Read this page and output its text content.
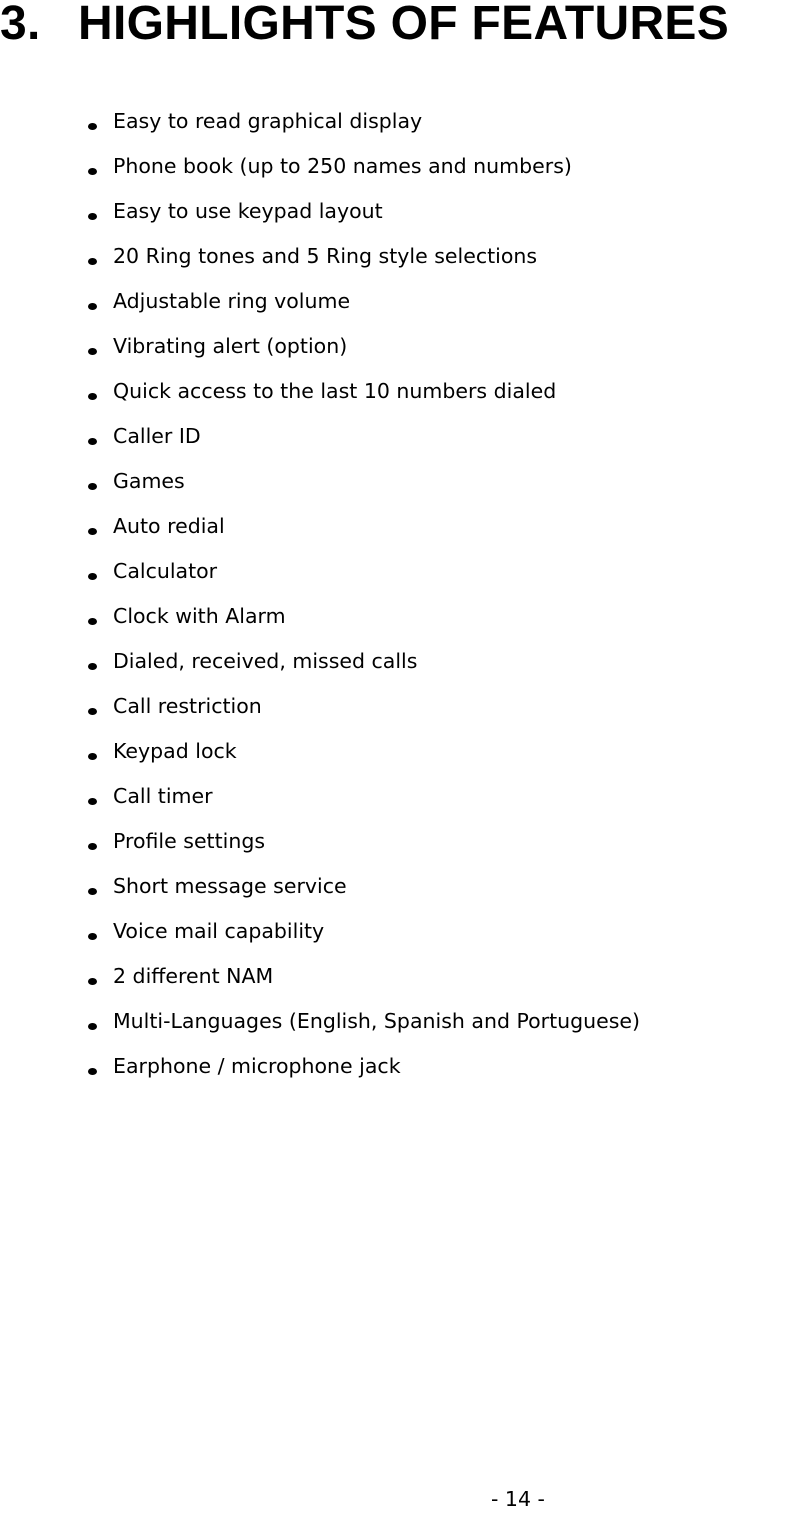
3. HIGHLIGHTS OF FEATURES
Easy to read graphical display
Phone book (up to 250 names and numbers)
Easy to use keypad layout
20 Ring tones and 5 Ring style selections
Adjustable ring volume
Vibrating alert (option)
Quick access to the last 10 numbers dialed
Caller ID
Games
Auto redial
Calculator
Clock with Alarm
Dialed, received, missed calls
Call restriction
Keypad lock
Call timer
Profile settings
Short message service
Voice mail capability
2 different NAM
Multi-Languages (English, Spanish and Portuguese)
Earphone / microphone jack
- 14 -
